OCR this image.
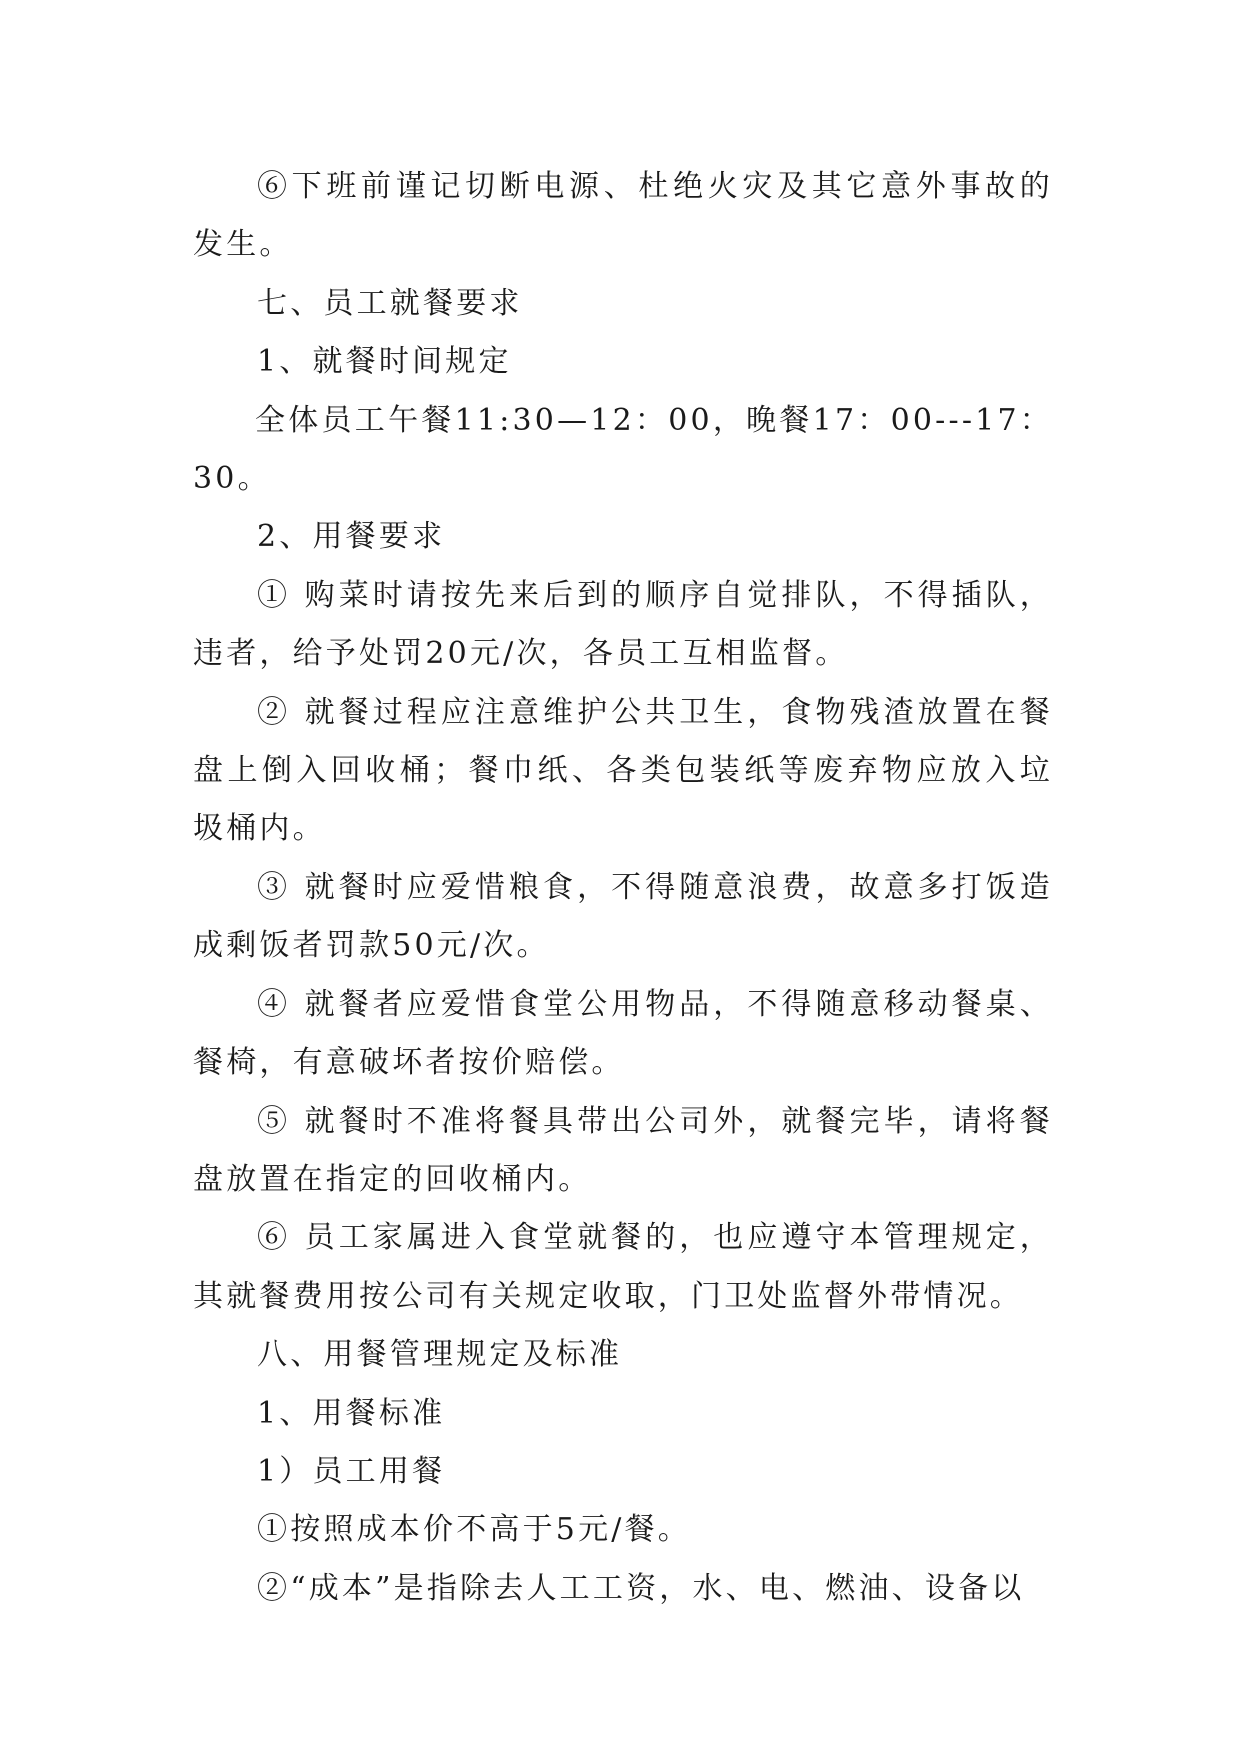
⑥下班前谨记切断电源、杜绝火灾及其它意外事故的发生。

七、员工就餐要求

1、就餐时间规定

全体员工午餐11:30—12：00，晚餐17：00---17：30。

2、用餐要求

① 购菜时请按先来后到的顺序自觉排队，不得插队，违者，给予处罚20元/次，各员工互相监督。

② 就餐过程应注意维护公共卫生，食物残渣放置在餐盘上倒入回收桶；餐巾纸、各类包装纸等废弃物应放入垃圾桶内。

③ 就餐时应爱惜粮食，不得随意浪费，故意多打饭造成剩饭者罚款50元/次。

④ 就餐者应爱惜食堂公用物品，不得随意移动餐桌、餐椅，有意破坏者按价赔偿。

⑤ 就餐时不准将餐具带出公司外，就餐完毕，请将餐盘放置在指定的回收桶内。

⑥ 员工家属进入食堂就餐的，也应遵守本管理规定，其就餐费用按公司有关规定收取，门卫处监督外带情况。

八、用餐管理规定及标准

1、用餐标准

1）员工用餐

①按照成本价不高于5元/餐。

②“成本”是指除去人工工资，水、电、燃油、设备以
